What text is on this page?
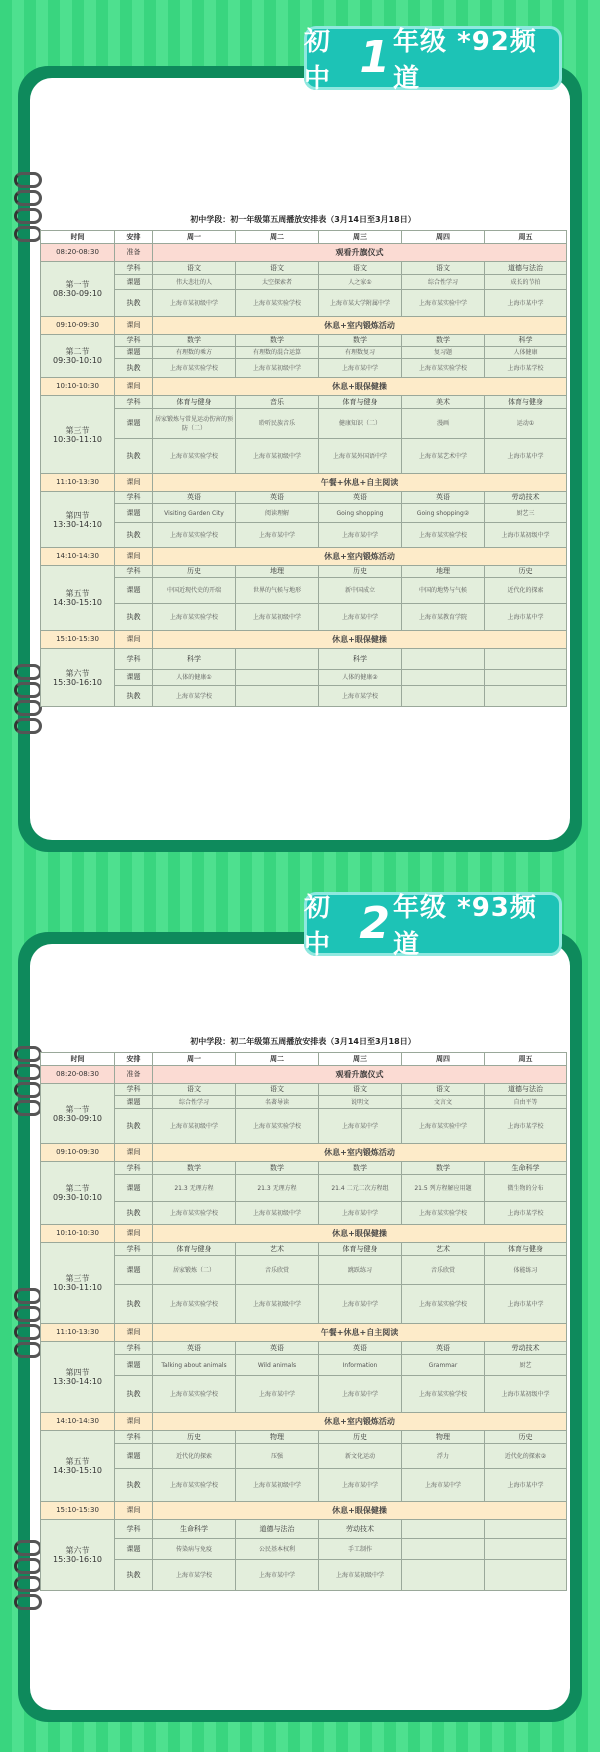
初中 1 年级 *92频道
初中学段：初一年级第五周播放安排表（3月14日至3月18日）
时间	安排	周一	周二	周三	周四	周五
08:20-08:30	准备	观看升旗仪式				

第一节
08:30-09:10	学科	语文	语文	语文	语文	道德与法治
	课题	伟大悲壮的人	太空探索者	人之家①	综合性学习	成长的节拍
	执教	上海市某初级中学	上海市某实验学校	上海市某大学附属中学	上海市某实验中学	上海市某中学
09:10-09:30	课间	休息+室内锻炼活动				

第二节
09:30-10:10	学科	数学	数学	数学	数学	科学
	课题	有理数的乘方	有理数的混合运算	有理数复习	复习题	人体健康
	执教	上海市某实验学校	上海市某初级中学	上海市某中学	上海市某实验学校	上海市某学校
10:10-10:30	课间	休息+眼保健操				

第三节
10:30-11:10	学科	体育与健身	音乐	体育与健身	美术	体育与健身
	课题	居家锻炼与常见运动伤害的预防（二）	聆听民族音乐	健康知识（二）	漫画	运动①
	执教	上海市某实验学校	上海市某初级中学	上海市某外国语中学	上海市某艺术中学	上海市某中学
11:10-13:30	课间	午餐+休息+自主阅读				

第四节
13:30-14:10	学科	英语	英语	英语	英语	劳动技术
	课题	Visiting Garden City	阅读理解	Going shopping	Going shopping②	厨艺三
	执教	上海市某实验学校	上海市某中学	上海市某中学	上海市某实验学校	上海市某初级中学
14:10-14:30	课间	休息+室内锻炼活动				

第五节
14:30-15:10	学科	历史	地理	历史	地理	历史
	课题	中国近现代史的开端	世界的气候与地形	新中国成立	中国的地势与气候	近代化的探索
	执教	上海市某实验学校	上海市某初级中学	上海市某中学	上海市某教育学院	上海市某中学
15:10-15:30	课间	休息+眼保健操				

第六节
15:30-16:10	学科	科学		科学		
	课题	人体的健康①		人体的健康②		
	执教	上海市某学校		上海市某学校		
初中 2 年级 *93频道
初中学段：初二年级第五周播放安排表（3月14日至3月18日）
时间	安排	周一	周二	周三	周四	周五
08:20-08:30	准备	观看升旗仪式				

第一节
08:30-09:10	学科	语文	语文	语文	语文	道德与法治
	课题	综合性学习	名著导读	说明文	文言文	自由平等
	执教	上海市某初级中学	上海市某实验学校	上海市某中学	上海市某实验中学	上海市某学校
09:10-09:30	课间	休息+室内锻炼活动				

第二节
09:30-10:10	学科	数学	数学	数学	数学	生命科学
	课题	21.3 无理方程	21.3 无理方程	21.4 二元二次方程组	21.5 列方程解应用题	微生物的分布
	执教	上海市某实验学校	上海市某初级中学	上海市某中学	上海市某实验学校	上海市某学校
10:10-10:30	课间	休息+眼保健操				

第三节
10:30-11:10	学科	体育与健身	艺术	体育与健身	艺术	体育与健身
	课题	居家锻炼（二）	音乐欣赏	跳跃练习	音乐欣赏	体能练习
	执教	上海市某实验学校	上海市某初级中学	上海市某中学	上海市某实验学校	上海市某中学
11:10-13:30	课间	午餐+休息+自主阅读				

第四节
13:30-14:10	学科	英语	英语	英语	英语	劳动技术
	课题	Talking about animals	Wild animals	Information	Grammar	厨艺
	执教	上海市某实验学校	上海市某中学	上海市某中学	上海市某实验学校	上海市某初级中学
14:10-14:30	课间	休息+室内锻炼活动				

第五节
14:30-15:10	学科	历史	物理	历史	物理	历史
	课题	近代化的探索	压强	新文化运动	浮力	近代化的探索②
	执教	上海市某实验学校	上海市某初级中学	上海市某中学	上海市某中学	上海市某中学
15:10-15:30	课间	休息+眼保健操				

第六节
15:30-16:10	学科	生命科学	道德与法治	劳动技术		
	课题	传染病与免疫	公民基本权利	手工制作		
	执教	上海市某学校	上海市某中学	上海市某初级中学		
